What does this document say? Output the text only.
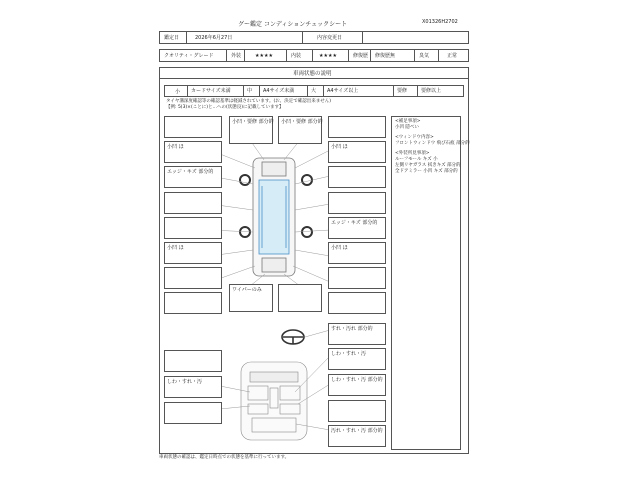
グー鑑定 コンディションチェックシート	X01326H2702
鑑定日	2026年6月27日	内容変更日
クオリティ・グレード	外装	★★★★	内装	★★★★	修復歴 修復歴無	臭気	正常
車両状態の説明
小 カードサイズ未満	中 A4サイズ未満	大 A4サイズ以上	要修	要修以上
タイヤ溝深度確認等の確認基準は軽減されています。(お、決定で確認出来ません)
【例: 5(3)×(ことに)と…への(状態良)に記載しています】
小凹 ほ
エッジ・キズ 部分的
小凹 ほ
小凹・要修 部分的 小凹・要修 部分的
小凹 ほ
エッジ・キズ 部分的
小凹 ほ
ワイパーのみ
<補足事項>
小凹 隠ぺい
<ウィンドウ内容>
フロントウィンドウ 飛び石痕 部分的
<外装所見事項>
ルーフモール キズ 小
左側リヤガラス 拭きキズ 部分的
全ドアミラー 小凹 キズ 部分的
すれ・汚れ 部分的
しわ・すれ・汚
しわ・すれ・汚 部分的
汚れ・すれ・汚 部分的
しわ・すれ・汚
車両状態の確認は、鑑定日時点での状態を基準に行っています。
